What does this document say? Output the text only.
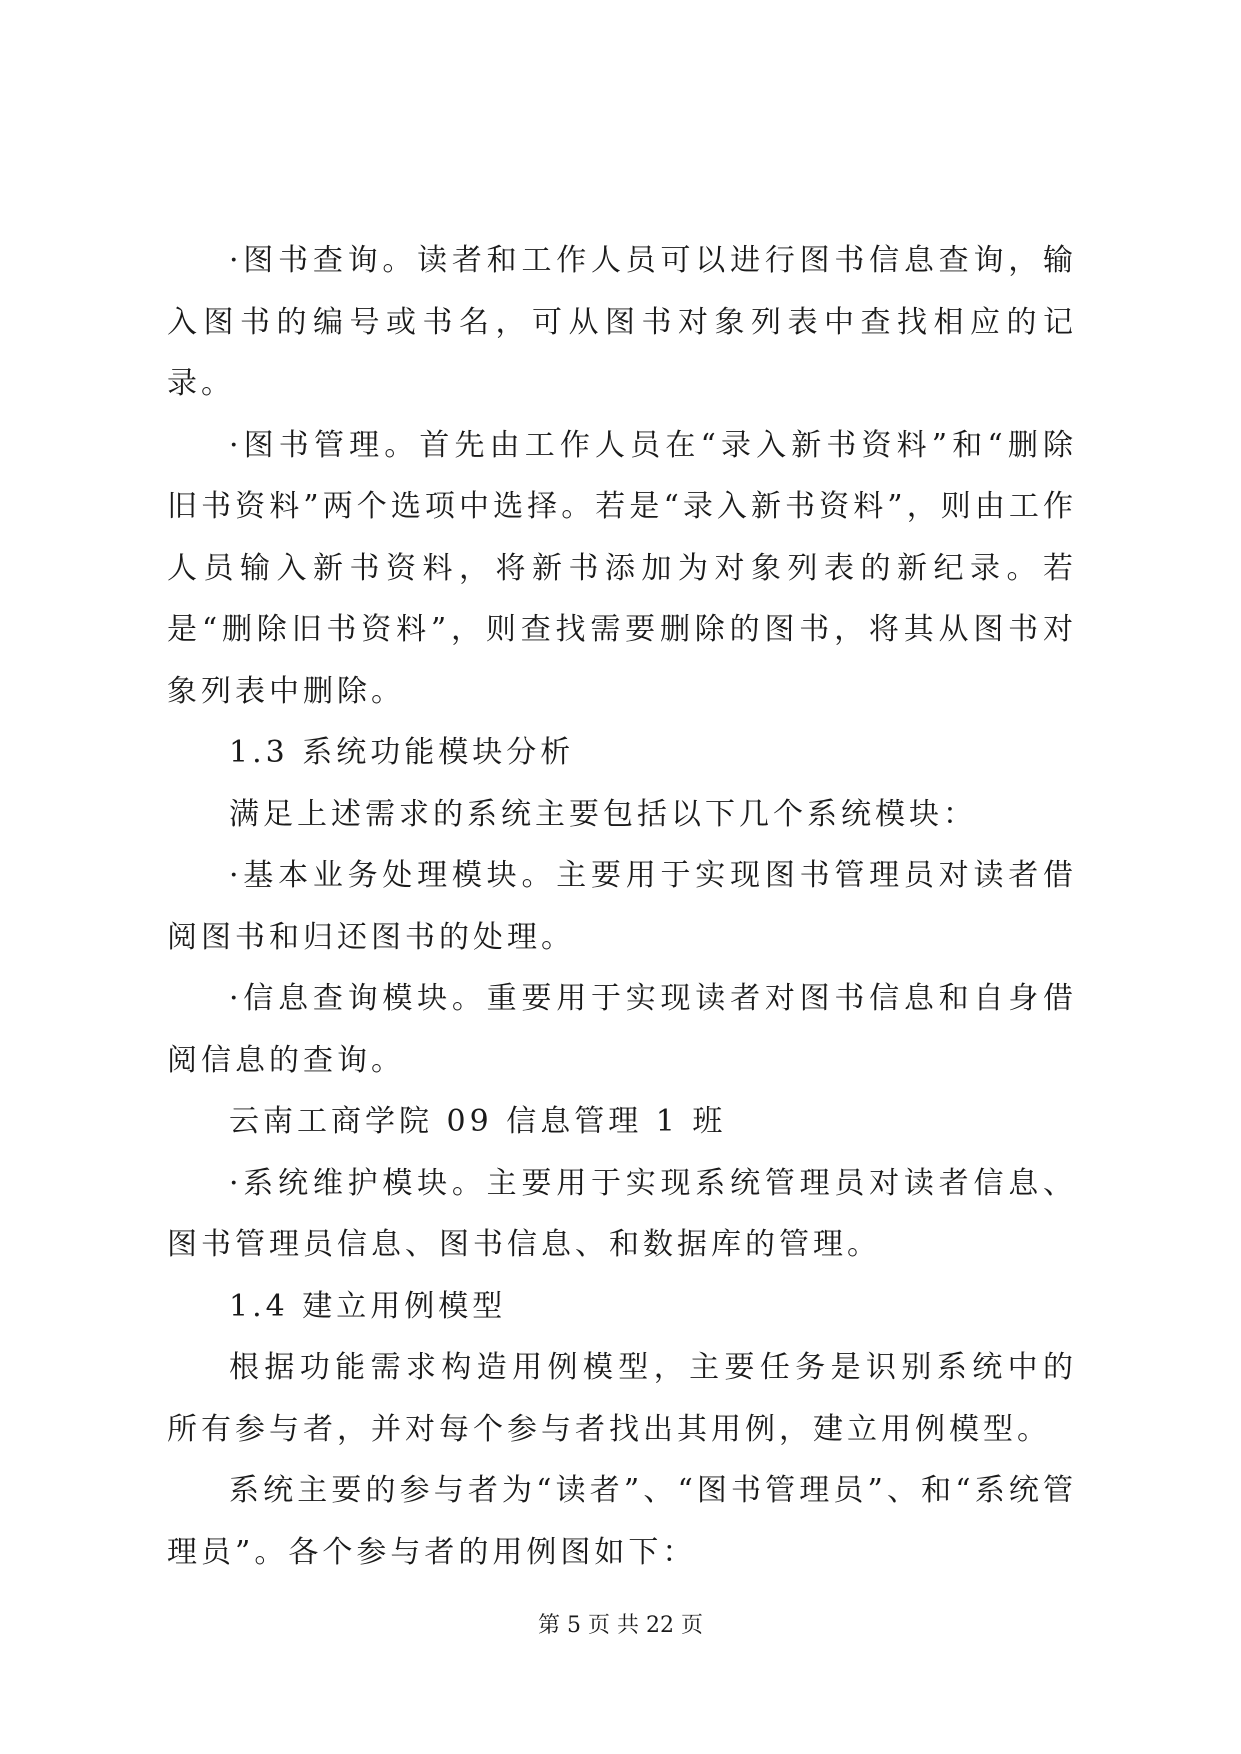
·图书查询。读者和工作人员可以进行图书信息查询，输入图书的编号或书名，可从图书对象列表中查找相应的记录。

·图书管理。首先由工作人员在“录入新书资料”和“删除旧书资料”两个选项中选择。若是“录入新书资料”，则由工作人员输入新书资料，将新书添加为对象列表的新纪录。若是“删除旧书资料”，则查找需要删除的图书，将其从图书对象列表中删除。

1.3 系统功能模块分析

满足上述需求的系统主要包括以下几个系统模块：

·基本业务处理模块。主要用于实现图书管理员对读者借阅图书和归还图书的处理。

·信息查询模块。重要用于实现读者对图书信息和自身借阅信息的查询。

云南工商学院 09 信息管理 1 班

·系统维护模块。主要用于实现系统管理员对读者信息、图书管理员信息、图书信息、和数据库的管理。

1.4 建立用例模型

根据功能需求构造用例模型，主要任务是识别系统中的所有参与者，并对每个参与者找出其用例，建立用例模型。

系统主要的参与者为“读者”、“图书管理员”、和“系统管理员”。各个参与者的用例图如下：

第 5 页 共 22 页
